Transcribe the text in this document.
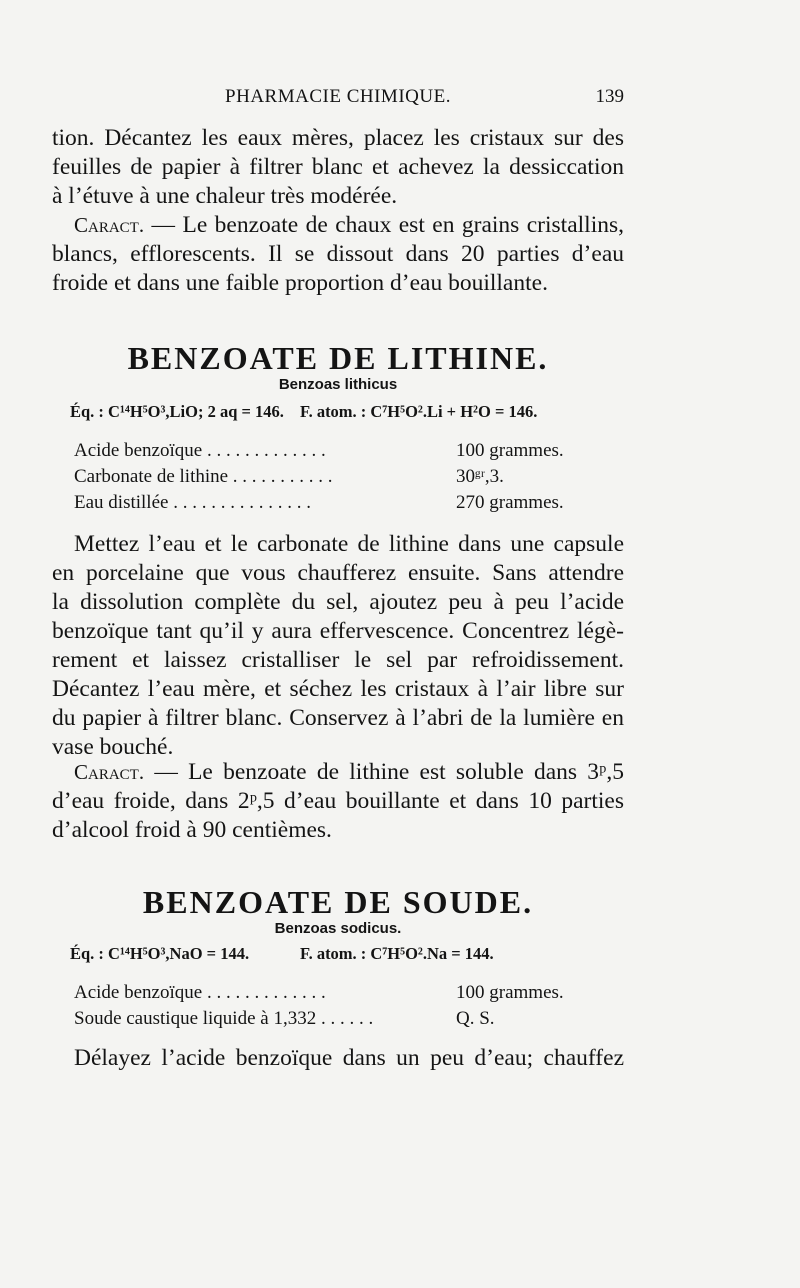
PHARMACIE CHIMIQUE.	139
tion. Décantez les eaux mères, placez les cristaux sur des
feuilles de papier à filtrer blanc et achevez la dessiccation
à l’étuve à une chaleur très modérée.
Caract. — Le benzoate de chaux est en grains cristallins,
blancs, efflorescents. Il se dissout dans 20 parties d’eau
froide et dans une faible proportion d’eau bouillante.
BENZOATE DE LITHINE.
Benzoas lithicus
Éq. : C¹⁴H⁵O³,LiO; 2 aq = 146. F. atom. : C⁷H⁵O².Li + H²O = 146.
Acide benzoïque . . . . . . . . . . . . .	100 grammes.
Carbonate de lithine . . . . . . . . . . .	30ᵍʳ,3.
Eau distillée . . . . . . . . . . . . . . .	270 grammes.
Mettez l’eau et le carbonate de lithine dans une capsule
en porcelaine que vous chaufferez ensuite. Sans attendre
la dissolution complète du sel, ajoutez peu à peu l’acide
benzoïque tant qu’il y aura effervescence. Concentrez légè-
rement et laissez cristalliser le sel par refroidissement.
Décantez l’eau mère, et séchez les cristaux à l’air libre sur
du papier à filtrer blanc. Conservez à l’abri de la lumière en
vase bouché.
Caract. — Le benzoate de lithine est soluble dans 3ᵖ,5
d’eau froide, dans 2ᵖ,5 d’eau bouillante et dans 10 parties
d’alcool froid à 90 centièmes.
BENZOATE DE SOUDE.
Benzoas sodicus.
Éq. : C¹⁴H⁵O³,NaO = 144.	F. atom. : C⁷H⁵O².Na = 144.
Acide benzoïque . . . . . . . . . . . . .	100 grammes.
Soude caustique liquide à 1,332 . . . . . .	Q. S.
Délayez l’acide benzoïque dans un peu d’eau; chauffez
